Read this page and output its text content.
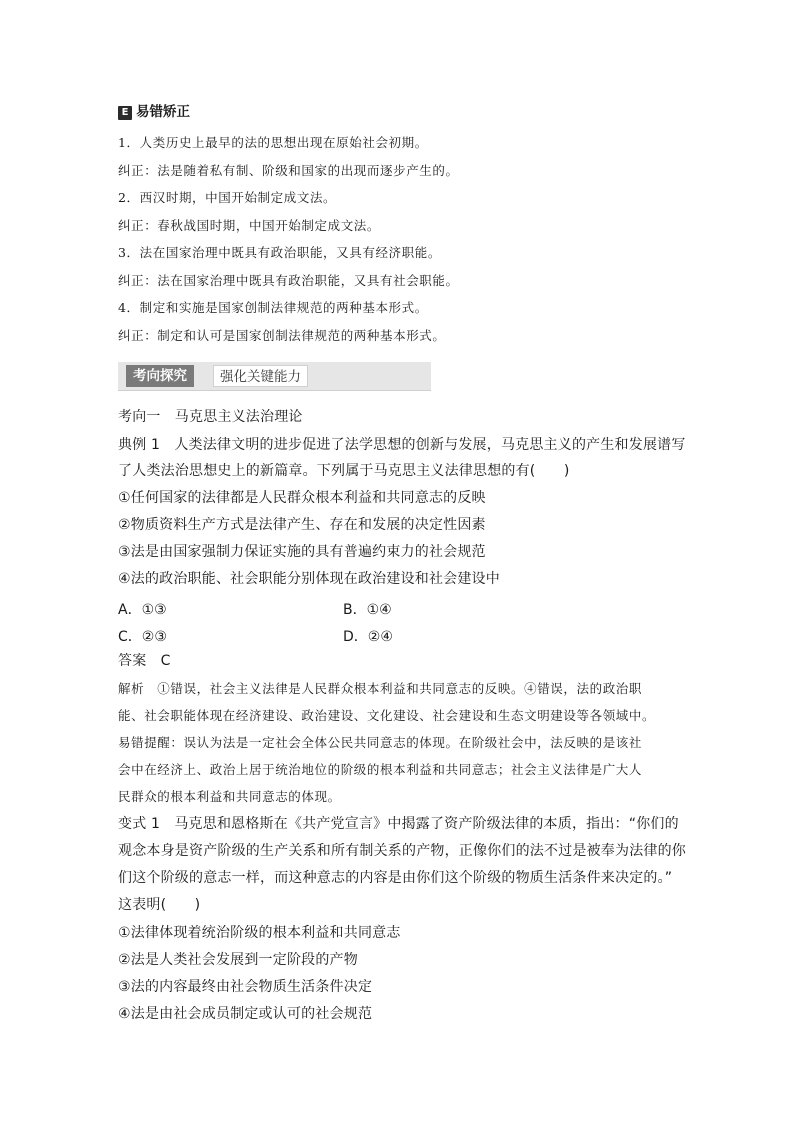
E 易错矫正
1．人类历史上最早的法的思想出现在原始社会初期。
纠正：法是随着私有制、阶级和国家的出现而逐步产生的。
2．西汉时期，中国开始制定成文法。
纠正：春秋战国时期，中国开始制定成文法。
3．法在国家治理中既具有政治职能，又具有经济职能。
纠正：法在国家治理中既具有政治职能，又具有社会职能。
4．制定和实施是国家创制法律规范的两种基本形式。
纠正：制定和认可是国家创制法律规范的两种基本形式。
考向探究	强化关键能力
考向一　马克思主义法治理论
典例 1　人类法律文明的进步促进了法学思想的创新与发展，马克思主义的产生和发展谱写
了人类法治思想史上的新篇章。下列属于马克思主义法律思想的有(　　)
①任何国家的法律都是人民群众根本利益和共同意志的反映
②物质资料生产方式是法律产生、存在和发展的决定性因素
③法是由国家强制力保证实施的具有普遍约束力的社会规范
④法的政治职能、社会职能分别体现在政治建设和社会建设中
A．①③	B．①④
C．②③	D．②④
答案　C
解析　①错误，社会主义法律是人民群众根本利益和共同意志的反映。④错误，法的政治职
能、社会职能体现在经济建设、政治建设、文化建设、社会建设和生态文明建设等各领域中。
易错提醒：误认为法是一定社会全体公民共同意志的体现。在阶级社会中，法反映的是该社
会中在经济上、政治上居于统治地位的阶级的根本利益和共同意志；社会主义法律是广大人
民群众的根本利益和共同意志的体现。
变式 1　马克思和恩格斯在《共产党宣言》中揭露了资产阶级法律的本质，指出：“你们的
观念本身是资产阶级的生产关系和所有制关系的产物，正像你们的法不过是被奉为法律的你
们这个阶级的意志一样，而这种意志的内容是由你们这个阶级的物质生活条件来决定的。”
这表明(　　)
①法律体现着统治阶级的根本利益和共同意志
②法是人类社会发展到一定阶段的产物
③法的内容最终由社会物质生活条件决定
④法是由社会成员制定或认可的社会规范
